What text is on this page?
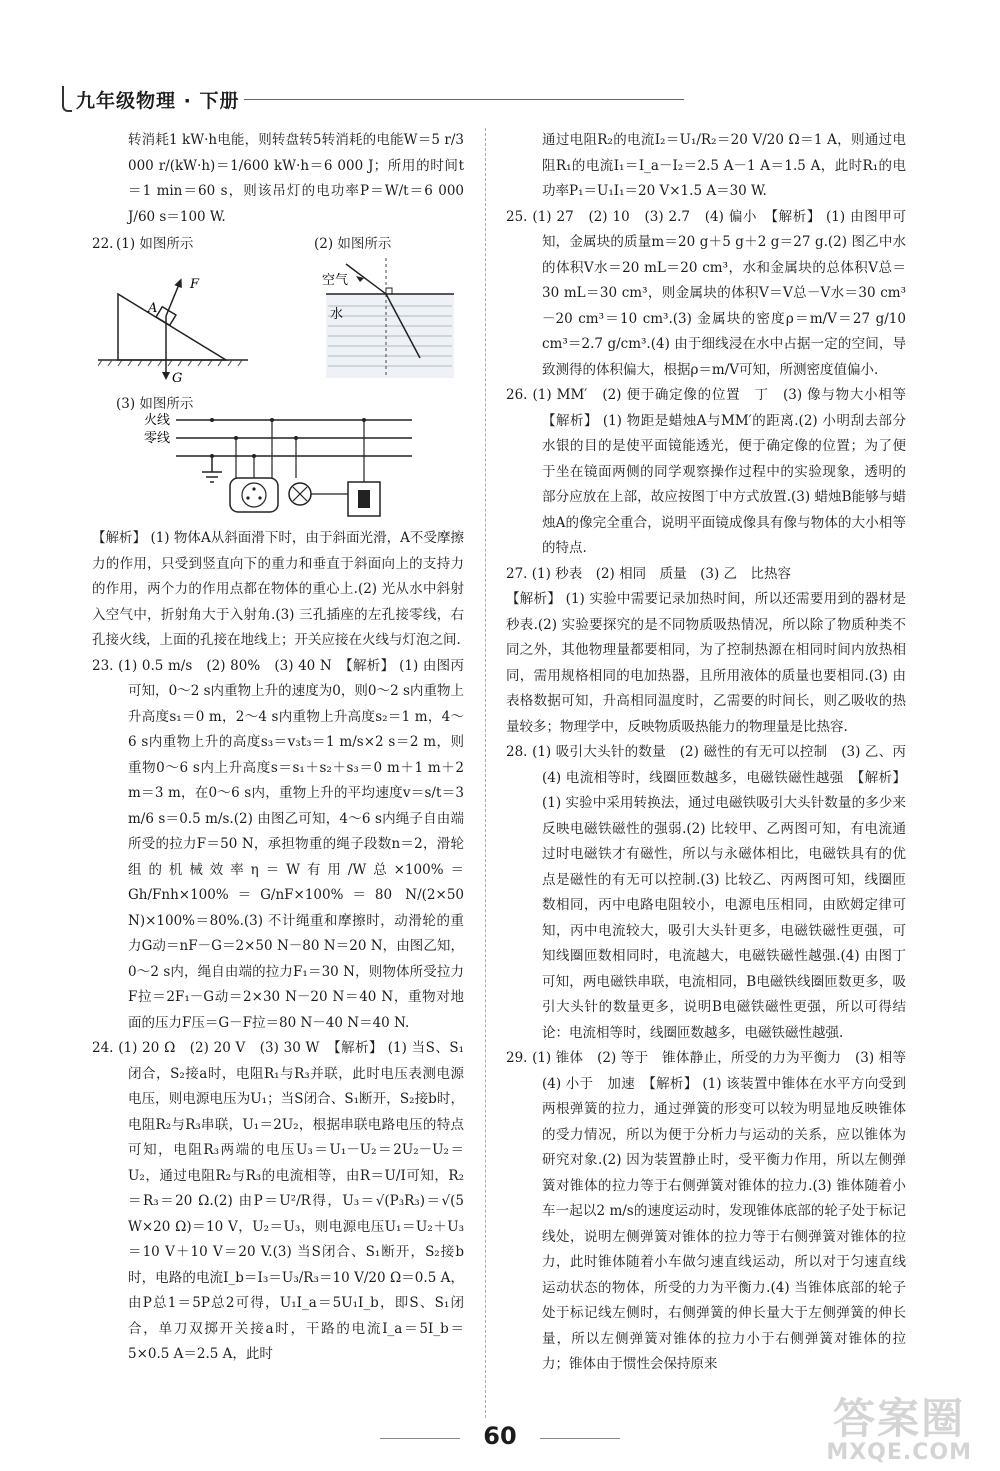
九年级物理 · 下册

转消耗1 kW·h电能，则转盘转5转消耗的电能W＝5 r/3 000 r/(kW·h)＝1/600 kW·h＝6 000 J；所用的时间t＝1 min＝60 s，则该吊灯的电功率P＝W/t＝6 000 J/60 s＝100 W.

22. (1) 如图所示	(2) 如图所示
F
A
G
空气
水
(3) 如图所示
火线
零线

【解析】 (1) 物体A从斜面滑下时，由于斜面光滑，A不受摩擦力的作用，只受到竖直向下的重力和垂直于斜面向上的支持力的作用，两个力的作用点都在物体的重心上.(2) 光从水中斜射入空气中，折射角大于入射角.(3) 三孔插座的左孔接零线，右孔接火线，上面的孔接在地线上；开关应接在火线与灯泡之间.

23. (1) 0.5 m/s　(2) 80%　(3) 40 N　【解析】 (1) 由图丙可知，0～2 s内重物上升的速度为0，则0～2 s内重物上升高度s₁＝0 m，2～4 s内重物上升高度s₂＝1 m，4～6 s内重物上升的高度s₃＝v₃t₃＝1 m/s×2 s＝2 m，则重物0～6 s内上升高度s＝s₁＋s₂＋s₃＝0 m＋1 m＋2 m＝3 m，在0～6 s内，重物上升的平均速度v＝s/t＝3 m/6 s＝0.5 m/s.(2) 由图乙可知，4～6 s内绳子自由端所受的拉力F＝50 N，承担物重的绳子段数n＝2，滑轮组的机械效率η＝W有用/W总×100%＝Gh/Fnh×100%＝G/nF×100%＝80 N/(2×50 N)×100%＝80%.(3) 不计绳重和摩擦时，动滑轮的重力G动＝nF－G＝2×50 N－80 N＝20 N，由图乙知，0～2 s内，绳自由端的拉力F₁＝30 N，则物体所受拉力F拉＝2F₁－G动＝2×30 N－20 N＝40 N，重物对地面的压力F压＝G－F拉＝80 N－40 N＝40 N.

24. (1) 20 Ω　(2) 20 V　(3) 30 W　【解析】 (1) 当S、S₁闭合，S₂接a时，电阻R₁与R₃并联，此时电压表测电源电压，则电源电压为U₁；当S闭合、S₁断开，S₂接b时，电阻R₂与R₃串联，U₁＝2U₂，根据串联电路电压的特点可知，电阻R₃两端的电压U₃＝U₁－U₂＝2U₂－U₂＝U₂，通过电阻R₂与R₃的电流相等，由R＝U/I可知，R₂＝R₃＝20 Ω.(2) 由P＝U²/R得，U₃＝√(P₃R₃)＝√(5 W×20 Ω)＝10 V，U₂＝U₃，则电源电压U₁＝U₂＋U₃＝10 V＋10 V＝20 V.(3) 当S闭合、S₁断开，S₂接b时，电路的电流I_b＝I₃＝U₃/R₃＝10 V/20 Ω＝0.5 A，由P总1＝5P总2可得，U₁I_a＝5U₁I_b，即S、S₁闭合，单刀双掷开关接a时，干路的电流I_a＝5I_b＝5×0.5 A＝2.5 A，此时

通过电阻R₂的电流I₂＝U₁/R₂＝20 V/20 Ω＝1 A，则通过电阻R₁的电流I₁＝I_a－I₂＝2.5 A－1 A＝1.5 A，此时R₁的电功率P₁＝U₁I₁＝20 V×1.5 A＝30 W.

25. (1) 27　(2) 10　(3) 2.7　(4) 偏小　【解析】 (1) 由图甲可知，金属块的质量m＝20 g＋5 g＋2 g＝27 g.(2) 图乙中水的体积V水＝20 mL＝20 cm³，水和金属块的总体积V总＝30 mL＝30 cm³，则金属块的体积V＝V总－V水＝30 cm³－20 cm³＝10 cm³.(3) 金属块的密度ρ＝m/V＝27 g/10 cm³＝2.7 g/cm³.(4) 由于细线浸在水中占据一定的空间，导致测得的体积偏大，根据ρ＝m/V可知，所测密度值偏小.

26. (1) MM′　(2) 便于确定像的位置　丁　(3) 像与物大小相等　【解析】 (1) 物距是蜡烛A与MM′的距离.(2) 小明刮去部分水银的目的是使平面镜能透光，便于确定像的位置；为了便于坐在镜面两侧的同学观察操作过程中的实验现象，透明的部分应放在上部，故应按图丁中方式放置.(3) 蜡烛B能够与蜡烛A的像完全重合，说明平面镜成像具有像与物体的大小相等的特点.

27. (1) 秒表　(2) 相同　质量　(3) 乙　比热容

【解析】 (1) 实验中需要记录加热时间，所以还需要用到的器材是秒表.(2) 实验要探究的是不同物质吸热情况，所以除了物质种类不同之外，其他物理量都要相同，为了控制热源在相同时间内放热相同，需用规格相同的电加热器，且所用液体的质量也要相同.(3) 由表格数据可知，升高相同温度时，乙需要的时间长，则乙吸收的热量较多；物理学中，反映物质吸热能力的物理量是比热容.

28. (1) 吸引大头针的数量　(2) 磁性的有无可以控制　(3) 乙、丙　(4) 电流相等时，线圈匝数越多，电磁铁磁性越强　【解析】 (1) 实验中采用转换法，通过电磁铁吸引大头针数量的多少来反映电磁铁磁性的强弱.(2) 比较甲、乙两图可知，有电流通过时电磁铁才有磁性，所以与永磁体相比，电磁铁具有的优点是磁性的有无可以控制.(3) 比较乙、丙两图可知，线圈匝数相同，丙中电路电阻较小，电源电压相同，由欧姆定律可知，丙中电流较大，吸引大头针更多，电磁铁磁性更强，可知线圈匝数相同时，电流越大，电磁铁磁性越强.(4) 由图丁可知，两电磁铁串联，电流相同，B电磁铁线圈匝数更多，吸引大头针的数量更多，说明B电磁铁磁性更强，所以可得结论：电流相等时，线圈匝数越多，电磁铁磁性越强.

29. (1) 锥体　(2) 等于　锥体静止，所受的力为平衡力　(3) 相等　(4) 小于　加速　【解析】 (1) 该装置中锥体在水平方向受到两根弹簧的拉力，通过弹簧的形变可以较为明显地反映锥体的受力情况，所以为便于分析力与运动的关系，应以锥体为研究对象.(2) 因为装置静止时，受平衡力作用，所以左侧弹簧对锥体的拉力等于右侧弹簧对锥体的拉力.(3) 锥体随着小车一起以2 m/s的速度运动时，发现锥体底部的轮子处于标记线处，说明左侧弹簧对锥体的拉力等于右侧弹簧对锥体的拉力，此时锥体随着小车做匀速直线运动，所以对于匀速直线运动状态的物体，所受的力为平衡力.(4) 当锥体底部的轮子处于标记线左侧时，右侧弹簧的伸长量大于左侧弹簧的伸长量，所以左侧弹簧对锥体的拉力小于右侧弹簧对锥体的拉力；锥体由于惯性会保持原来

60	答案圈
MXQE.COM
